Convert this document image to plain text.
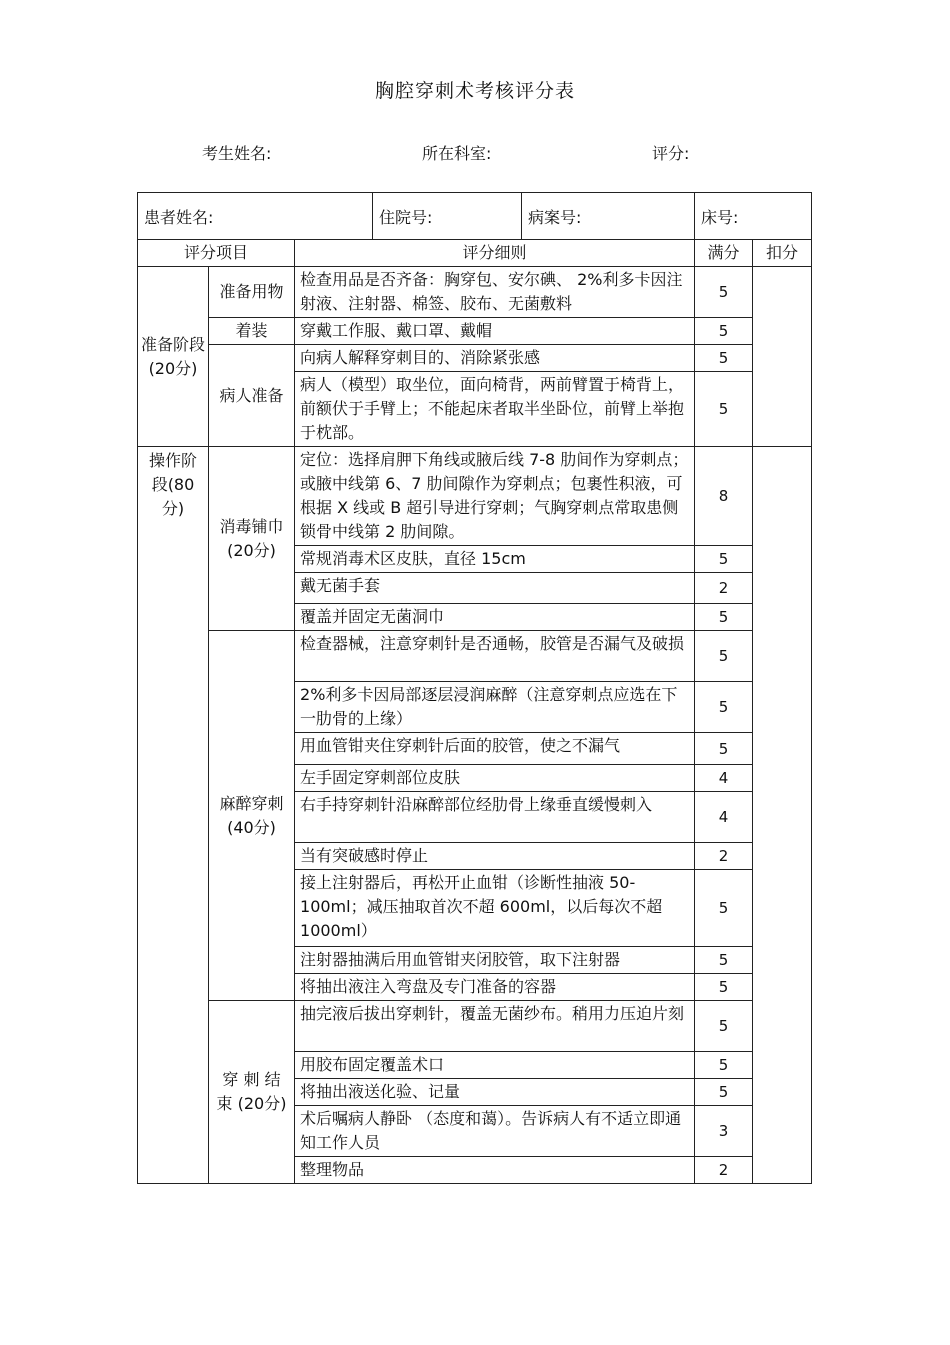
胸腔穿刺术考核评分表
考生姓名:	所在科室:	评分:
患者姓名:	住院号:	病案号:	床号:
评分项目		评分细则	满分	扣分
准备阶段(20分)	准备用物	检查用品是否齐备：胸穿包、安尔碘、 2%利多卡因注射液、注射器、棉签、胶布、无菌敷料	5	
	着装	穿戴工作服、戴口罩、戴帽	5	
	病人准备	向病人解释穿刺目的、消除紧张感	5	
		病人（模型）取坐位，面向椅背，两前臂置于椅背上，前额伏于手臂上；不能起床者取半坐卧位，前臂上举抱于枕部。	5	
操作阶段(80分)	消毒铺巾 (20分)	定位：选择肩胛下角线或腋后线 7-8 肋间作为穿刺点；或腋中线第 6、7 肋间隙作为穿刺点；包裹性积液，可根据 X 线或 B 超引导进行穿刺；气胸穿刺点常取患侧锁骨中线第 2 肋间隙。	8	
		常规消毒术区皮肤，直径 15cm	5	
		戴无菌手套	2	
		覆盖并固定无菌洞巾	5	
	麻醉穿刺 (40分)	检查器械，注意穿刺针是否通畅，胶管是否漏气及破损	5	
		2%利多卡因局部逐层浸润麻醉（注意穿刺点应选在下一肋骨的上缘）	5	
		用血管钳夹住穿刺针后面的胶管，使之不漏气	5	
		左手固定穿刺部位皮肤	4	
		右手持穿刺针沿麻醉部位经肋骨上缘垂直缓慢刺入	4	
		当有突破感时停止	2	
		接上注射器后，再松开止血钳（诊断性抽液 50-100ml；减压抽取首次不超 600ml，以后每次不超 1000ml）	5	
		注射器抽满后用血管钳夹闭胶管，取下注射器	5	
		将抽出液注入弯盘及专门准备的容器	5	
	穿 刺 结 束 (20分)	抽完液后拔出穿刺针，覆盖无菌纱布。稍用力压迫片刻	5	
		用胶布固定覆盖术口	5	
		将抽出液送化验、记量	5	
		术后嘱病人静卧 （态度和蔼）。告诉病人有不适立即通知工作人员	3	
		整理物品	2	
